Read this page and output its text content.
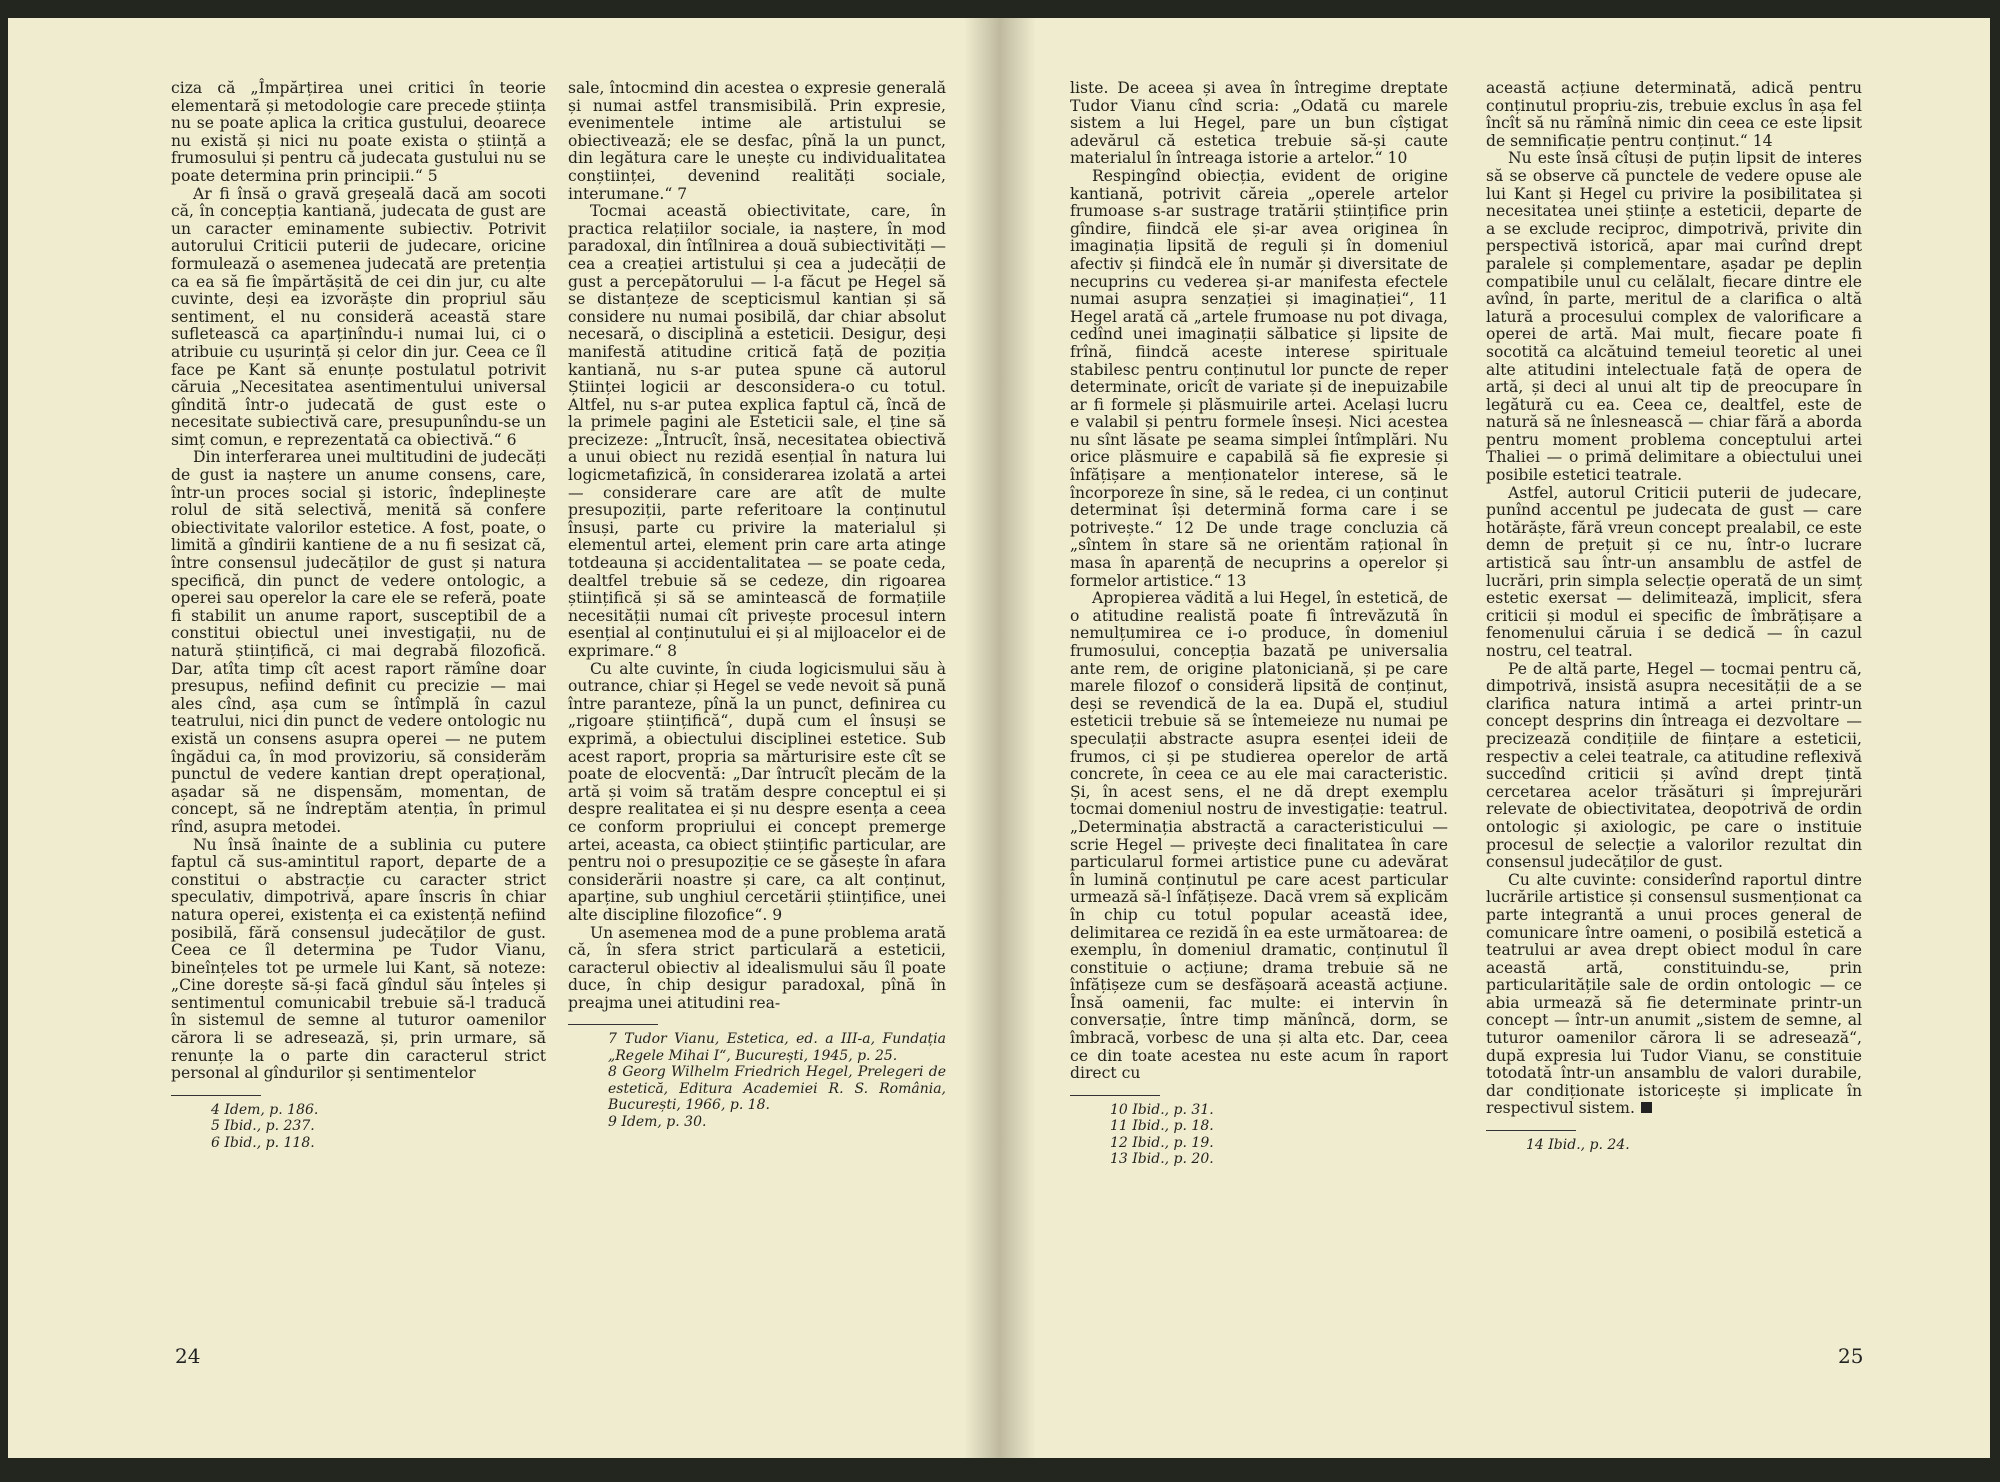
ciza că „Împărțirea unei critici în teorie elementară și metodologie care precede știința nu se poate aplica la critica gustului, deoarece nu există și nici nu poate exista o știință a frumosului și pentru că judecata gustului nu se poate determina prin principii.“ 5

Ar fi însă o gravă greșeală dacă am socoti că, în concepția kantiană, judecata de gust are un caracter eminamente subiectiv. Potrivit autorului Criticii puterii de judecare, oricine formulează o asemenea judecată are pretenția ca ea să fie împărtășită de cei din jur, cu alte cuvinte, deși ea izvorăște din propriul său sentiment, el nu consideră această stare sufletească ca aparținîndu-i numai lui, ci o atribuie cu ușurință și celor din jur. Ceea ce îl face pe Kant să enunțe postulatul potrivit căruia „Necesitatea asentimentului universal gîndită într-o judecată de gust este o necesitate subiectivă care, presupunîndu-se un simț comun, e reprezentată ca obiectivă.“ 6

Din interferarea unei multitudini de judecăți de gust ia naștere un anume consens, care, într-un proces social și istoric, îndeplinește rolul de sită selectivă, menită să confere obiectivitate valorilor estetice. A fost, poate, o limită a gîndirii kantiene de a nu fi sesizat că, între consensul judecăților de gust și natura specifică, din punct de vedere ontologic, a operei sau operelor la care ele se referă, poate fi stabilit un anume raport, susceptibil de a constitui obiectul unei investigații, nu de natură științifică, ci mai degrabă filozofică. Dar, atîta timp cît acest raport rămîne doar presupus, nefiind definit cu precizie — mai ales cînd, așa cum se întîmplă în cazul teatrului, nici din punct de vedere ontologic nu există un consens asupra operei — ne putem îngădui ca, în mod provizoriu, să considerăm punctul de vedere kantian drept operațional, așadar să ne dispensăm, momentan, de concept, să ne îndreptăm atenția, în primul rînd, asupra metodei.

Nu însă înainte de a sublinia cu putere faptul că sus-amintitul raport, departe de a constitui o abstracție cu caracter strict speculativ, dimpotrivă, apare înscris în chiar natura operei, existența ei ca existență nefiind posibilă, fără consensul judecăților de gust. Ceea ce îl determina pe Tudor Vianu, bineînțeles tot pe urmele lui Kant, să noteze: „Cine dorește să-și facă gîndul său înțeles și sentimentul comunicabil trebuie să-l traducă în sistemul de semne al tuturor oamenilor cărora li se adresează, și, prin urmare, să renunțe la o parte din caracterul strict personal al gîndurilor și sentimentelor

4 Idem, p. 186.
5 Ibid., p. 237.
6 Ibid., p. 118.

sale, întocmind din acestea o expresie generală și numai astfel transmisibilă. Prin expresie, evenimentele intime ale artistului se obiectivează; ele se desfac, pînă la un punct, din legătura care le unește cu individualitatea conștiinței, devenind realități sociale, interumane.“ 7

Tocmai această obiectivitate, care, în practica relațiilor sociale, ia naștere, în mod paradoxal, din întîlnirea a două subiectivități — cea a creației artistului și cea a judecății de gust a percepătorului — l-a făcut pe Hegel să se distanțeze de scepticismul kantian și să considere nu numai posibilă, dar chiar absolut necesară, o disciplină a esteticii. Desigur, deși manifestă atitudine critică față de poziția kantiană, nu s-ar putea spune că autorul Științei logicii ar desconsidera-o cu totul. Altfel, nu s-ar putea explica faptul că, încă de la primele pagini ale Esteticii sale, el ține să precizeze: „Întrucît, însă, necesitatea obiectivă a unui obiect nu rezidă esențial în natura lui logicmetafizică, în considerarea izolată a artei — considerare care are atît de multe presupoziții, parte referitoare la conținutul însuși, parte cu privire la materialul și elementul artei, element prin care arta atinge totdeauna și accidentalitatea — se poate ceda, dealtfel trebuie să se cedeze, din rigoarea științifică și să se amintească de formațiile necesității numai cît privește procesul intern esențial al conținutului ei și al mijloacelor ei de exprimare.“ 8

Cu alte cuvinte, în ciuda logicismului său à outrance, chiar și Hegel se vede nevoit să pună între paranteze, pînă la un punct, definirea cu „rigoare științifică“, după cum el însuși se exprimă, a obiectului disciplinei estetice. Sub acest raport, propria sa mărturisire este cît se poate de elocventă: „Dar întrucît plecăm de la artă și voim să tratăm despre conceptul ei și despre realitatea ei și nu despre esența a ceea ce conform propriului ei concept premerge artei, aceasta, ca obiect științific particular, are pentru noi o presupoziție ce se găsește în afara considerării noastre și care, ca alt conținut, aparține, sub unghiul cercetării științifice, unei alte discipline filozofice“. 9

Un asemenea mod de a pune problema arată că, în sfera strict particulară a esteticii, caracterul obiectiv al idealismului său îl poate duce, în chip desigur paradoxal, pînă în preajma unei atitudini rea-

7 Tudor Vianu, Estetica, ed. a III-a, Fundația „Regele Mihai I“, București, 1945, p. 25.
8 Georg Wilhelm Friedrich Hegel, Prelegeri de estetică, Editura Academiei R. S. România, București, 1966, p. 18.
9 Idem, p. 30.
24

liste. De aceea și avea în întregime dreptate Tudor Vianu cînd scria: „Odată cu marele sistem a lui Hegel, pare un bun cîștigat adevărul că estetica trebuie să-și caute materialul în întreaga istorie a artelor.“ 10

Respingînd obiecția, evident de origine kantiană, potrivit căreia „operele artelor frumoase s-ar sustrage tratării științifice prin gîndire, fiindcă ele și-ar avea originea în imaginația lipsită de reguli și în domeniul afectiv și fiindcă ele în număr și diversitate de necuprins cu vederea și-ar manifesta efectele numai asupra senzației și imaginației“, 11 Hegel arată că „artele frumoase nu pot divaga, cedînd unei imaginații sălbatice și lipsite de frînă, fiindcă aceste interese spirituale stabilesc pentru conținutul lor puncte de reper determinate, oricît de variate și de inepuizabile ar fi formele și plăsmuirile artei. Același lucru e valabil și pentru formele înseși. Nici acestea nu sînt lăsate pe seama simplei întîmplări. Nu orice plăsmuire e capabilă să fie expresie și înfățișare a menționatelor interese, să le încorporeze în sine, să le redea, ci un conținut determinat își determină forma care i se potrivește.“ 12 De unde trage concluzia că „sîntem în stare să ne orientăm rațional în masa în aparență de necuprins a operelor și formelor artistice.“ 13

Apropierea vădită a lui Hegel, în estetică, de o atitudine realistă poate fi întrevăzută în nemulțumirea ce i-o produce, în domeniul frumosului, concepția bazată pe universalia ante rem, de origine platoniciană, și pe care marele filozof o consideră lipsită de conținut, deși se revendică de la ea. După el, studiul esteticii trebuie să se întemeieze nu numai pe speculații abstracte asupra esenței ideii de frumos, ci și pe studierea operelor de artă concrete, în ceea ce au ele mai caracteristic. Și, în acest sens, el ne dă drept exemplu tocmai domeniul nostru de investigație: teatrul. „Determinația abstractă a caracteristicului — scrie Hegel — privește deci finalitatea în care particularul formei artistice pune cu adevărat în lumină conținutul pe care acest particular urmează să-l înfățișeze. Dacă vrem să explicăm în chip cu totul popular această idee, delimitarea ce rezidă în ea este următoarea: de exemplu, în domeniul dramatic, conținutul îl constituie o acțiune; drama trebuie să ne înfățișeze cum se desfășoară această acțiune. Însă oamenii, fac multe: ei intervin în conversație, între timp mănîncă, dorm, se îmbracă, vorbesc de una și alta etc. Dar, ceea ce din toate acestea nu este acum în raport direct cu

10 Ibid., p. 31.
11 Ibid., p. 18.
12 Ibid., p. 19.
13 Ibid., p. 20.

această acțiune determinată, adică pentru conținutul propriu-zis, trebuie exclus în așa fel încît să nu rămînă nimic din ceea ce este lipsit de semnificație pentru conținut.“ 14

Nu este însă cîtuși de puțin lipsit de interes să se observe că punctele de vedere opuse ale lui Kant și Hegel cu privire la posibilitatea și necesitatea unei științe a esteticii, departe de a se exclude reciproc, dimpotrivă, privite din perspectivă istorică, apar mai curînd drept paralele și complementare, așadar pe deplin compatibile unul cu celălalt, fiecare dintre ele avînd, în parte, meritul de a clarifica o altă latură a procesului complex de valorificare a operei de artă. Mai mult, fiecare poate fi socotită ca alcătuind temeiul teoretic al unei alte atitudini intelectuale față de opera de artă, și deci al unui alt tip de preocupare în legătură cu ea. Ceea ce, dealtfel, este de natură să ne înlesnească — chiar fără a aborda pentru moment problema conceptului artei Thaliei — o primă delimitare a obiectului unei posibile estetici teatrale.

Astfel, autorul Criticii puterii de judecare, punînd accentul pe judecata de gust — care hotărăște, fără vreun concept prealabil, ce este demn de prețuit și ce nu, într-o lucrare artistică sau într-un ansamblu de astfel de lucrări, prin simpla selecție operată de un simț estetic exersat — delimitează, implicit, sfera criticii și modul ei specific de îmbrățișare a fenomenului căruia i se dedică — în cazul nostru, cel teatral.

Pe de altă parte, Hegel — tocmai pentru că, dimpotrivă, insistă asupra necesității de a se clarifica natura intimă a artei printr-un concept desprins din întreaga ei dezvoltare — precizează condițiile de ființare a esteticii, respectiv a celei teatrale, ca atitudine reflexivă succedînd criticii și avînd drept țintă cercetarea acelor trăsături și împrejurări relevate de obiectivitatea, deopotrivă de ordin ontologic și axiologic, pe care o instituie procesul de selecție a valorilor rezultat din consensul judecăților de gust.

Cu alte cuvinte: considerînd raportul dintre lucrările artistice și consensul susmenționat ca parte integrantă a unui proces general de comunicare între oameni, o posibilă estetică a teatrului ar avea drept obiect modul în care această artă, constituindu-se, prin particularitățile sale de ordin ontologic — ce abia urmează să fie determinate printr-un concept — într-un anumit „sistem de semne, al tuturor oamenilor cărora li se adresează“, după expresia lui Tudor Vianu, se constituie totodată într-un ansamblu de valori durabile, dar condiționate istoricește și implicate în respectivul sistem.

14 Ibid., p. 24.
25
